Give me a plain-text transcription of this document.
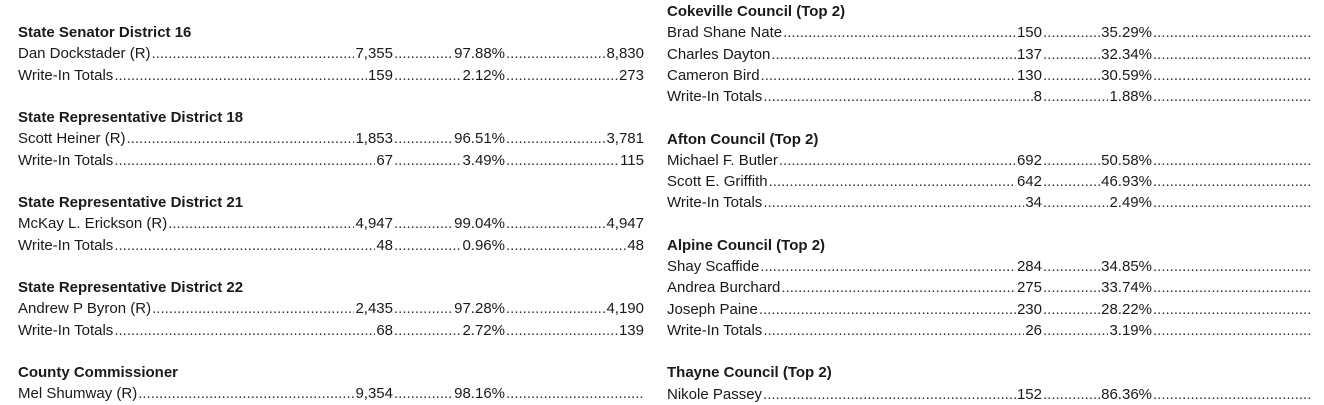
State Senator District 16
Dan Dockstader (R) .....	7,355 .....	97.88% .....	8,830
Write-In Totals .....	159 .....	2.12% .....	273
State Representative District 18
Scott Heiner (R) .....	1,853 .....	96.51% .....	3,781
Write-In Totals .....	67 .....	3.49% .....	115
State Representative District 21
McKay L. Erickson (R) .....	4,947 .....	99.04% .....	4,947
Write-In Totals .....	48 .....	0.96% .....	48
State Representative District 22
Andrew P Byron (R) .....	2,435 .....	97.28% .....	4,190
Write-In Totals .....	68 .....	2.72% .....	139
County Commissioner
Mel Shumway (R) .....	9,354 .....	98.16%
.....
Cokeville Council (Top 2)
Brad Shane Nate .....	150 .....	35.29%
.....
Charles Dayton .....	137 .....	32.34%
.....
Cameron Bird .....	130 .....	30.59%
.....
Write-In Totals .....	8 .....	1.88%
.....
Afton Council (Top 2)
Michael F. Butler .....	692 .....	50.58%
.....
Scott E. Griffith .....	642 .....	46.93%
.....
Write-In Totals .....	34 .....	2.49%
.....
Alpine Council (Top 2)
Shay Scaffide .....	284 .....	34.85%
.....
Andrea Burchard .....	275 .....	33.74%
.....
Joseph Paine .....	230 .....	28.22%
.....
Write-In Totals .....	26 .....	3.19%
.....
Thayne Council (Top 2)
Nikole Passey .....	152 .....	86.36%
.....
